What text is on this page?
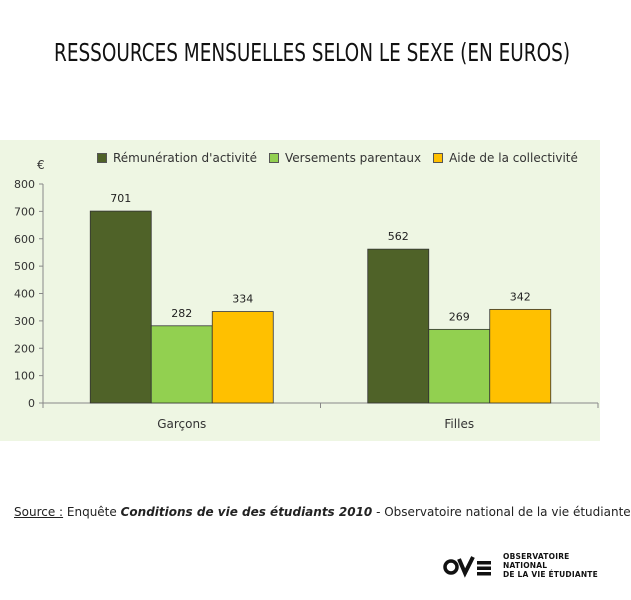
RESSOURCES MENSUELLES SELON LE SEXE (EN EUROS)
Rémunération d'activité Versements parentaux Aide de la collectivité
€
0
100
200
300
400
500
600
700
800
701
282
334
Garçons
562
269
342
Filles
Source : Enquête Conditions de vie des étudiants 2010 - Observatoire national de la vie étudiante
OBSERVATOIRE NATIONAL
DE LA VIE ÉTUDIANTE
